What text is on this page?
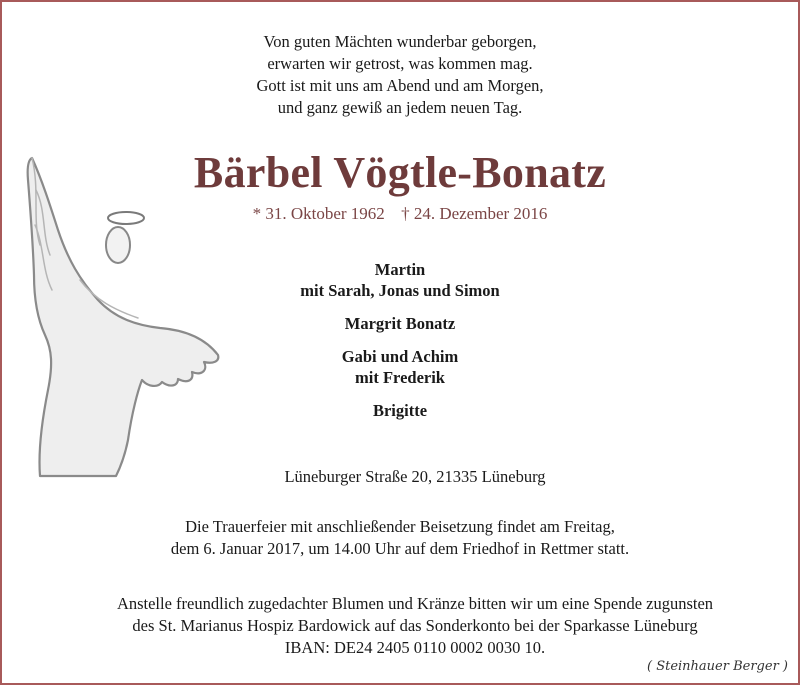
Von guten Mächten wunderbar geborgen,
erwarten wir getrost, was kommen mag.
Gott ist mit uns am Abend und am Morgen,
und ganz gewiß an jedem neuen Tag.
Bärbel Vögtle-Bonatz
* 31. Oktober 1962 † 24. Dezember 2016
Martin
mit Sarah, Jonas und Simon
Margrit Bonatz
Gabi und Achim
mit Frederik
Brigitte
Lüneburger Straße 20, 21335 Lüneburg
Die Trauerfeier mit anschließender Beisetzung findet am Freitag,
dem 6. Januar 2017, um 14.00 Uhr auf dem Friedhof in Rettmer statt.
Anstelle freundlich zugedachter Blumen und Kränze bitten wir um eine Spende zugunsten
des St. Marianus Hospiz Bardowick auf das Sonderkonto bei der Sparkasse Lüneburg
IBAN: DE24 2405 0110 0002 0030 10.
( Steinhauer Berger )
